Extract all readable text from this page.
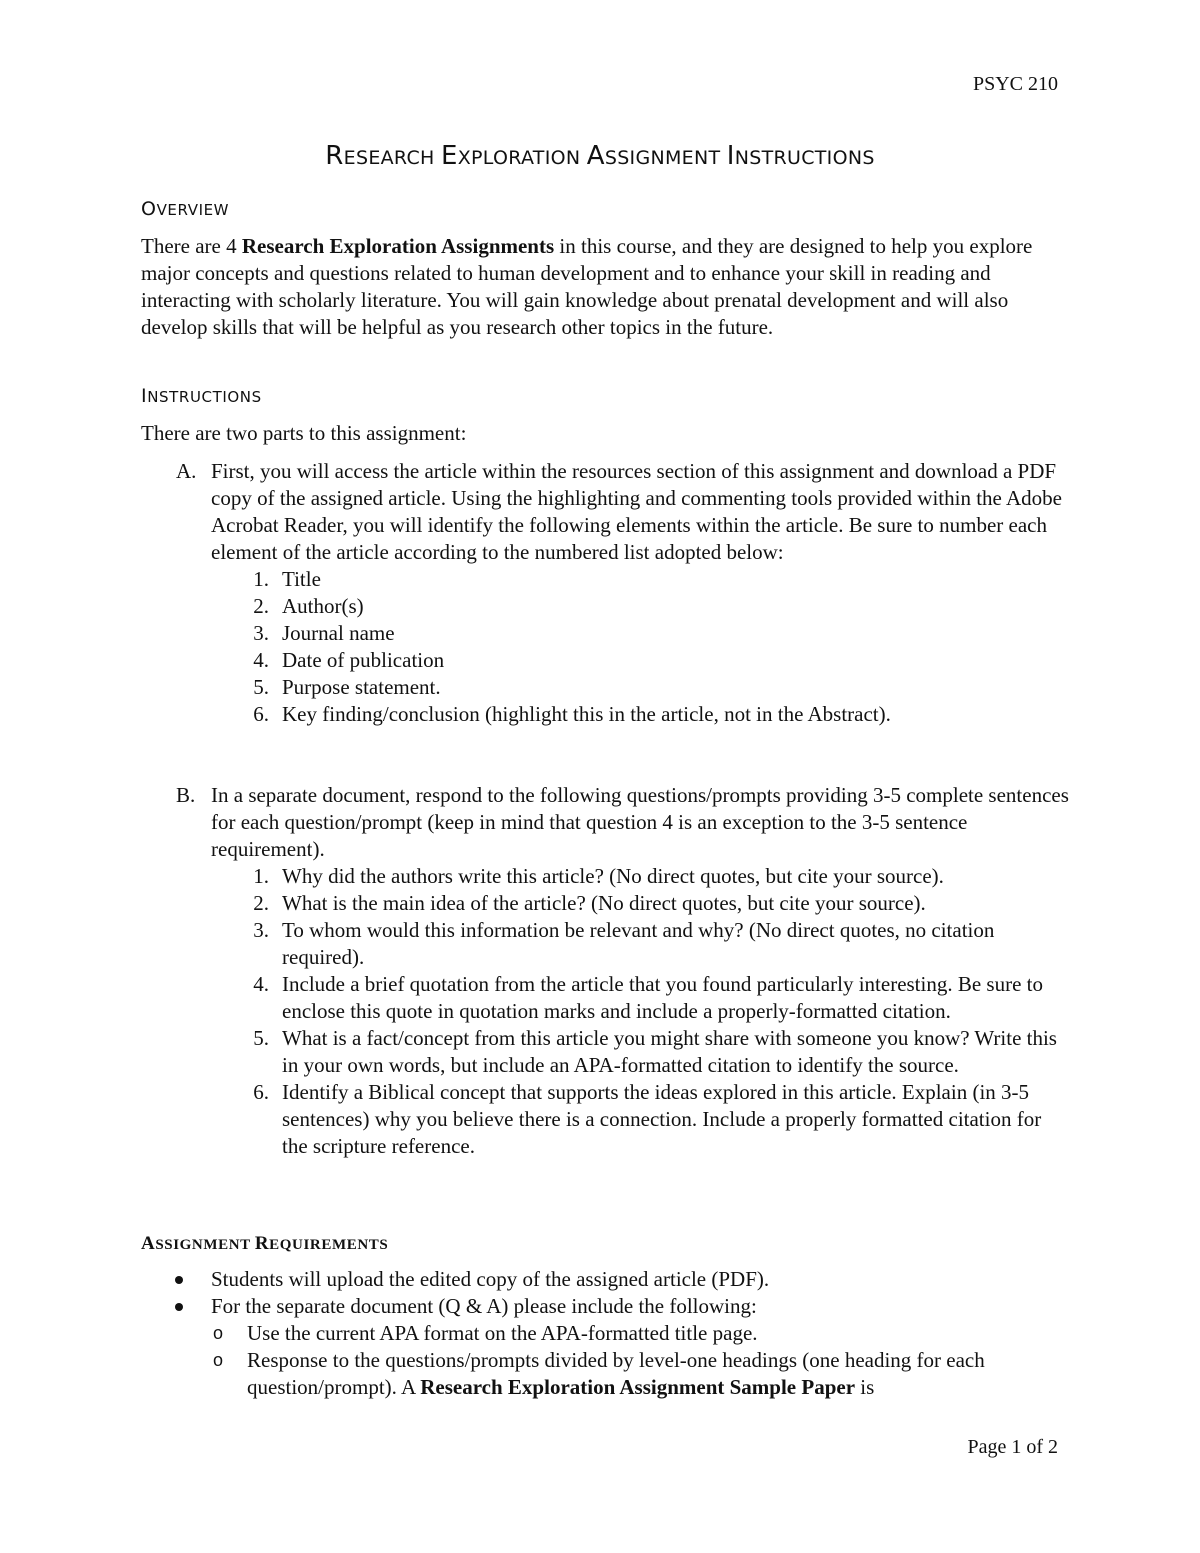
PSYC 210
RESEARCH EXPLORATION ASSIGNMENT INSTRUCTIONS
OVERVIEW

There are 4 Research Exploration Assignments in this course, and they are designed to help you explore major concepts and questions related to human development and to enhance your skill in reading and interacting with scholarly literature. You will gain knowledge about prenatal development and will also develop skills that will be helpful as you research other topics in the future.

INSTRUCTIONS
There are two parts to this assignment:
A. First, you will access the article within the resources section of this assignment and download a PDF copy of the assigned article. Using the highlighting and commenting tools provided within the Adobe Acrobat Reader, you will identify the following elements within the article. Be sure to number each element of the article according to the numbered list adopted below:
1. Title
2. Author(s)
3. Journal name
4. Date of publication
5. Purpose statement.
6. Key finding/conclusion (highlight this in the article, not in the Abstract).
B. In a separate document, respond to the following questions/prompts providing 3-5 complete sentences for each question/prompt (keep in mind that question 4 is an exception to the 3-5 sentence requirement).
1. Why did the authors write this article? (No direct quotes, but cite your source).
2. What is the main idea of the article? (No direct quotes, but cite your source).
3. To whom would this information be relevant and why? (No direct quotes, no citation required).
4. Include a brief quotation from the article that you found particularly interesting. Be sure to enclose this quote in quotation marks and include a properly-formatted citation.
5. What is a fact/concept from this article you might share with someone you know? Write this in your own words, but include an APA-formatted citation to identify the source.
6. Identify a Biblical concept that supports the ideas explored in this article. Explain (in 3-5 sentences) why you believe there is a connection. Include a properly formatted citation for the scripture reference.
ASSIGNMENT REQUIREMENTS
Students will upload the edited copy of the assigned article (PDF).
For the separate document (Q & A) please include the following:
o Use the current APA format on the APA-formatted title page.
o Response to the questions/prompts divided by level-one headings (one heading for each question/prompt). A Research Exploration Assignment Sample Paper is
Page 1 of 2
